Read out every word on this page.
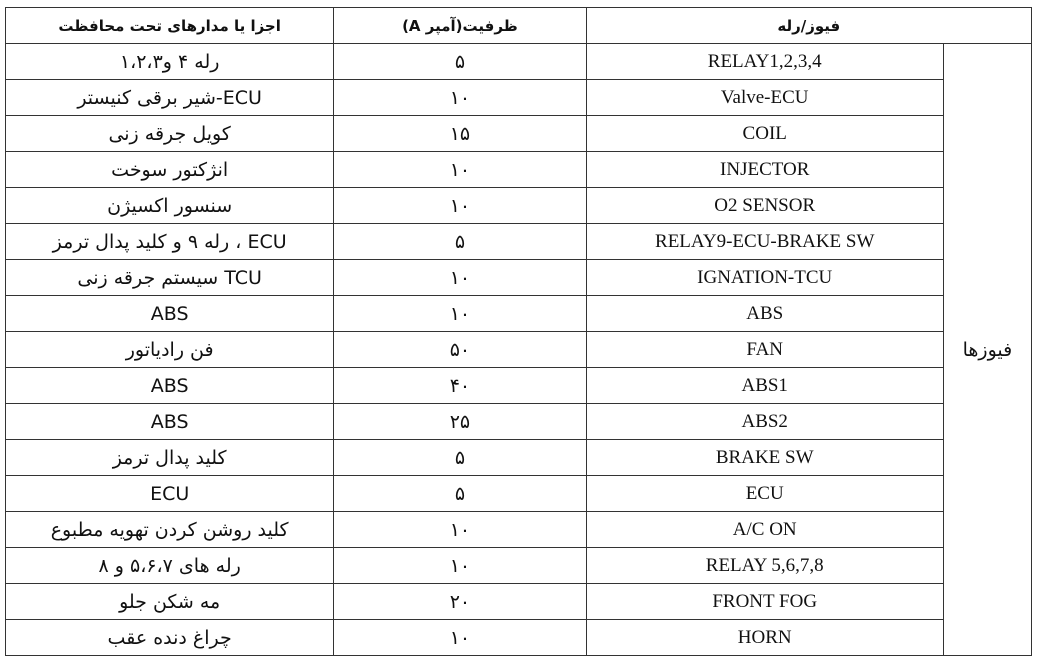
اجزا یا مدارهای تحت محافظت	ظرفیت(آمپر A)	فیوز/رله	
رله ۴ و۱،۲،۳	۵	RELAY1,2,3,4	فیوزها
ECU-شیر برقی کنیستر	۱۰	Valve-ECU	
کویل جرقه زنی	۱۵	COIL	
انژکتور سوخت	۱۰	INJECTOR	
سنسور اکسیژن	۱۰	O2 SENSOR	
ECU ، رله ۹ و کلید پدال ترمز	۵	RELAY9-ECU-BRAKE SW	
TCU سیستم جرقه زنی	۱۰	IGNATION-TCU	
ABS	۱۰	ABS	
فن رادیاتور	۵۰	FAN	
ABS	۴۰	ABS1	
ABS	۲۵	ABS2	
کلید پدال ترمز	۵	BRAKE SW	
ECU	۵	ECU	
کلید روشن کردن تهویه مطبوع	۱۰	A/C ON	
رله های ۵،۶،۷ و ۸	۱۰	RELAY 5,6,7,8	
مه شکن جلو	۲۰	FRONT FOG	
چراغ دنده عقب	۱۰	HORN	
